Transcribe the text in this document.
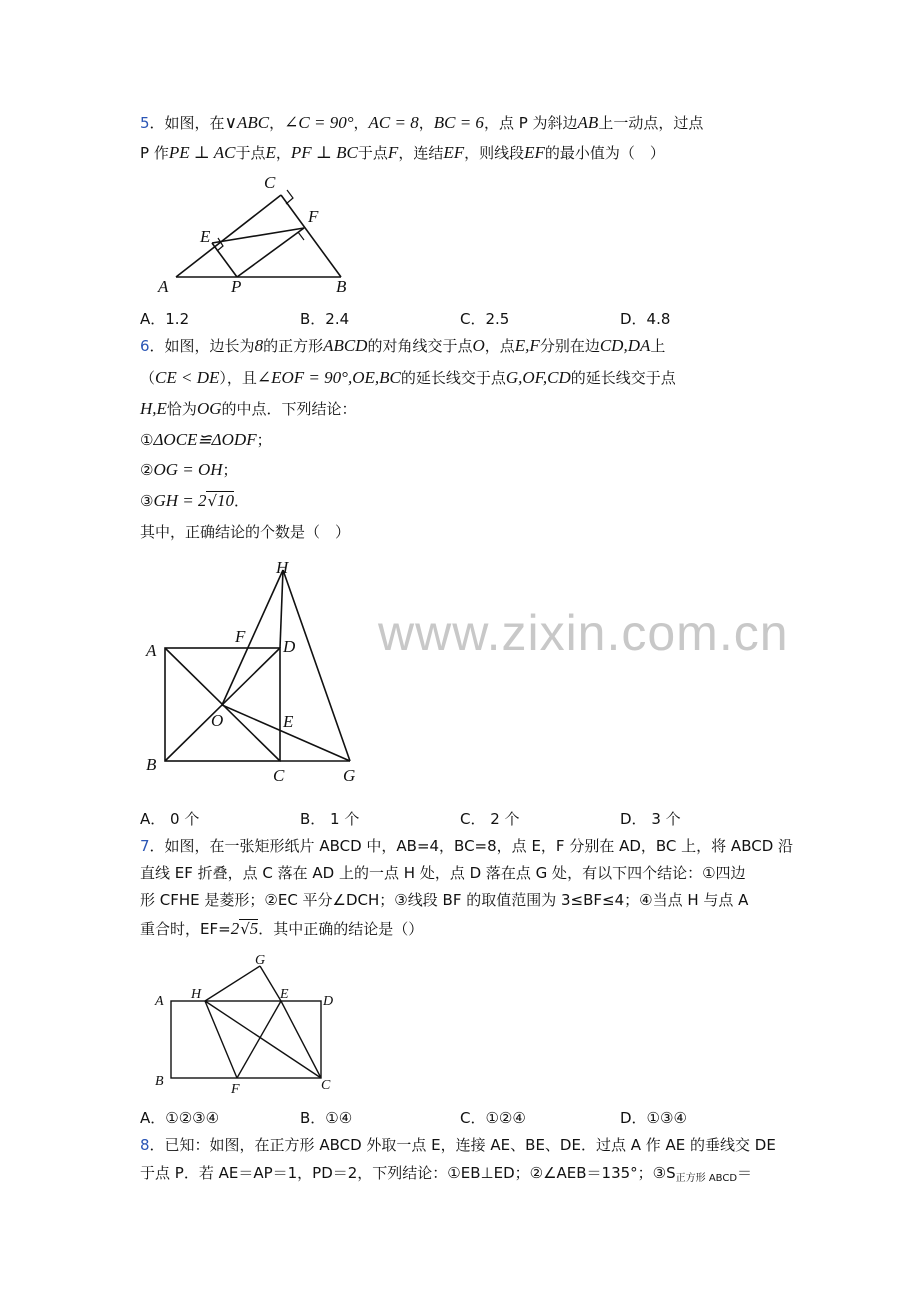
www.zixin.com.cn
5．如图，在∨ABC，∠C = 90°，AC = 8，BC = 6，点 P 为斜边AB上一动点，过点
P 作PE ⊥ AC于点E，PF ⊥ BC于点F，连结EF，则线段EF的最小值为（　）
C
E
F
A	P	B
A．1.2	B．2.4	C．2.5	D．4.8
6．如图，边长为8的正方形ABCD的对角线交于点O，点E,F分别在边CD,DA上
（CE < DE），且∠EOF = 90°,OE,BC的延长线交于点G,OF,CD的延长线交于点
H,E恰为OG的中点．下列结论：
①ΔOCE≌ΔODF；
②OG = OH；
③GH = 2√10．
其中，正确结论的个数是（　）
H
A
F
D
O	E
B
C	G
A． 0 个	B． 1 个	C． 2 个	D． 3 个
7．如图，在一张矩形纸片 ABCD 中，AB=4，BC=8，点 E，F 分别在 AD，BC 上，将 ABCD 沿
直线 EF 折叠，点 C 落在 AD 上的一点 H 处，点 D 落在点 G 处，有以下四个结论：①四边
形 CFHE 是菱形；②EC 平分∠DCH；③线段 BF 的取值范围为 3≤BF≤4；④当点 H 与点 A
重合时，EF=2√5．其中正确的结论是（）
G
A H	E D
B
F	C
A．①②③④	B．①④	C．①②④	D．①③④
8．已知：如图，在正方形 ABCD 外取一点 E，连接 AE、BE、DE．过点 A 作 AE 的垂线交 DE
于点 P．若 AE＝AP＝1，PD＝2，下列结论：①EB⊥ED；②∠AEB＝135°；$③S_{正方形 ABCD}=$
